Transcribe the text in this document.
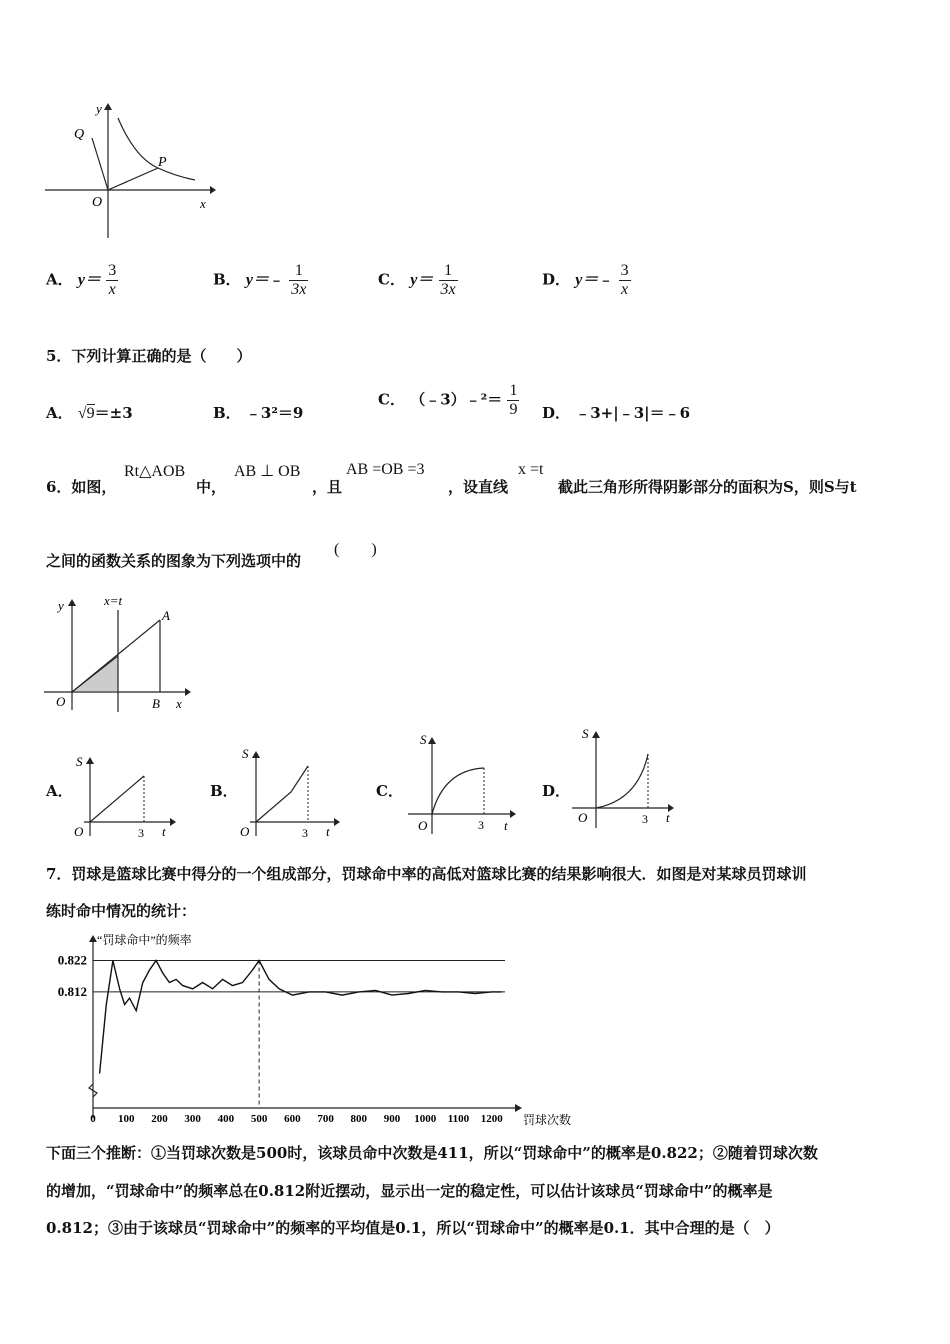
y
Q
P
O	x
A． $y= \frac{3}{x}$	B． y＝﹣ $\frac{1}{3x}$	C． $y= \frac{1}{3x}$	D． y＝﹣ $\frac{3}{x}$
5．下列计算正确的是（　　）
A． √9＝±3	B． ﹣3²＝9
C． （﹣3）﹣²＝ $\frac{1}{9}$ D． ﹣3+|﹣3|＝﹣6
6．如图，
Rt△AOB
中，
AB ⊥ OB
，且
AB =OB =3
，设直线
x =t
截此三角形所得阴影部分的面积为S，则S与t
之间的函数关系的图象为下列选项中的
(　　)
y	x=t
A
O	B x
A．
S
O	3 t
B．
S
O	3 t
C．
S
O	3 t
D．
S
O	3 t
7．罚球是篮球比赛中得分的一个组成部分，罚球命中率的高低对篮球比赛的结果影响很大．如图是对某球员罚球训
练时命中情况的统计：
0.812
0.822
0 100 200 300 400 500 600 700 800 900 1000 1100 1200
“罚球命中”的频率
罚球次数
下面三个推断：①当罚球次数是500时，该球员命中次数是411，所以“罚球命中”的概率是0.822；②随着罚球次数
的增加，“罚球命中”的频率总在0.812附近摆动，显示出一定的稳定性，可以估计该球员“罚球命中”的概率是
0.812；③由于该球员“罚球命中”的频率的平均值是0.1，所以“罚球命中”的概率是0.1．其中合理的是（　）
